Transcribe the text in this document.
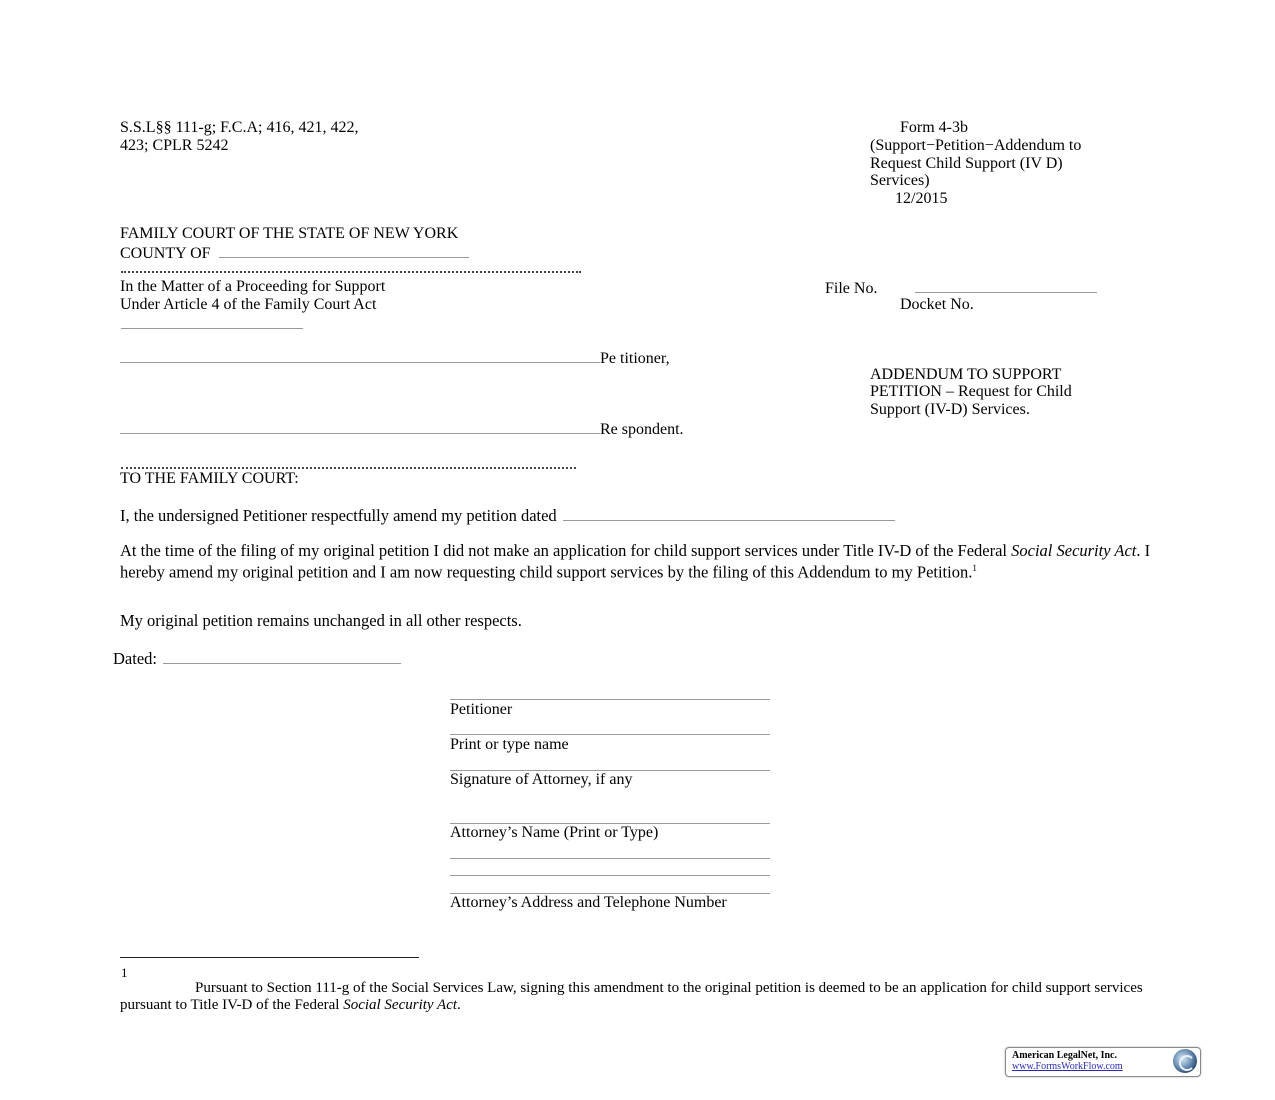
S.S.L§§ 111-g; F.C.A; 416, 421, 422,
423; CPLR 5242
Form 4-3b
(Support−Petition−Addendum to
Request Child Support (IV D)
Services)
12/2015
FAMILY COURT OF THE STATE OF NEW YORK
COUNTY OF
In the Matter of a Proceeding for Support
Under Article 4 of the Family Court Act
File No.
Docket No.
Pe titioner,
ADDENDUM TO SUPPORT
PETITION – Request for Child
Support (IV-D) Services.
Re spondent.
TO THE FAMILY COURT:
I, the undersigned Petitioner respectfully amend my petition dated
At the time of the filing of my original petition I did not make an application for child support services under Title IV-D of the Federal Social Security Act. I hereby amend my original petition and I am now requesting child support services by the filing of this Addendum to my Petition.$^1$
My original petition remains unchanged in all other respects.
Dated:
Petitioner
Print or type name
Signature of Attorney, if any
Attorney’s Name (Print or Type)
Attorney’s Address and Telephone Number
1
Pursuant to Section 111-g of the Social Services Law, signing this amendment to the original petition is deemed to be an application for child support services pursuant to Title IV-D of the Federal Social Security Act.
American LegalNet, Inc.
www.FormsWorkFlow.com
